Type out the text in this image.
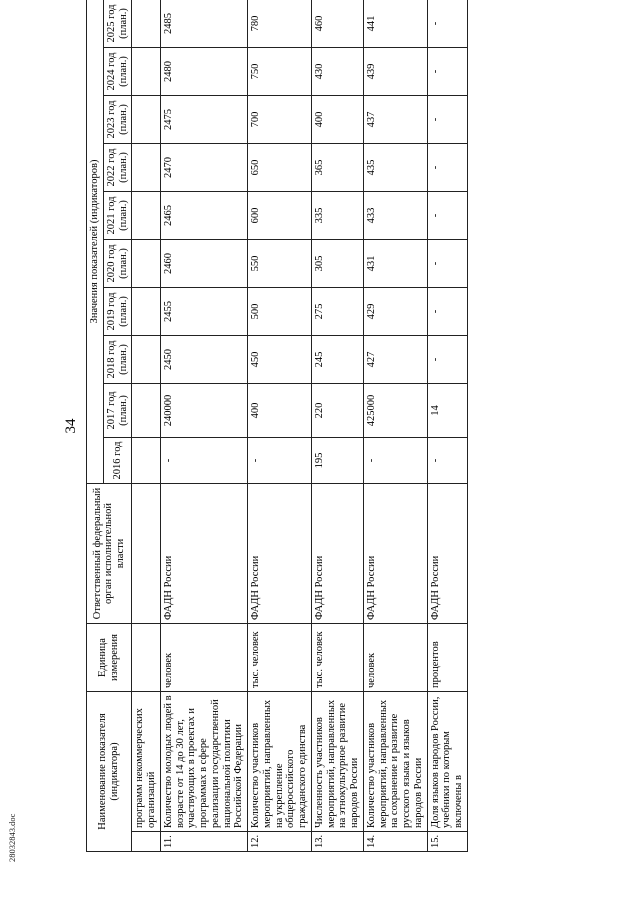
34
Наименование показателя (индикатора)		Единица измерения	Ответственный федеральный орган исполнительной власти	Значения показателей (индикаторов)									
				2016 год	2017 год (план.)	2018 год (план.)	2019 год (план.)	2020 год (план.)	2021 год (план.)	2022 год (план.)	2023 год (план.)	2024 год (план.)	2025 год (план.)
	программ некоммерческих организаций												
11.	Количество молодых людей в возрасте от 14 до 30 лет, участвующих в проектах и программах в сфере реализации государственной национальной политики Российской Федерации	человек	ФАДН России	-	240000	2450	2455	2460	2465	2470	2475	2480	2485
12.	Количество участников мероприятий, направленных на укрепление общероссийского гражданского единства	тыс. человек	ФАДН России	-	400	450	500	550	600	650	700	750	780
13.	Численность участников мероприятий, направленных на этнокультурное развитие народов России	тыс. человек	ФАДН России	195	220	245	275	305	335	365	400	430	460
14.	Количество участников мероприятий, направленных на сохранение и развитие русского языка и языков народов России	человек	ФАДН России	-	425000	427	429	431	433	435	437	439	441
15.	Доля языков народов России, учебники по которым включены в	процентов	ФАДН России	-	14	-	-	-	-	-	-	-	-
28032843.doc
